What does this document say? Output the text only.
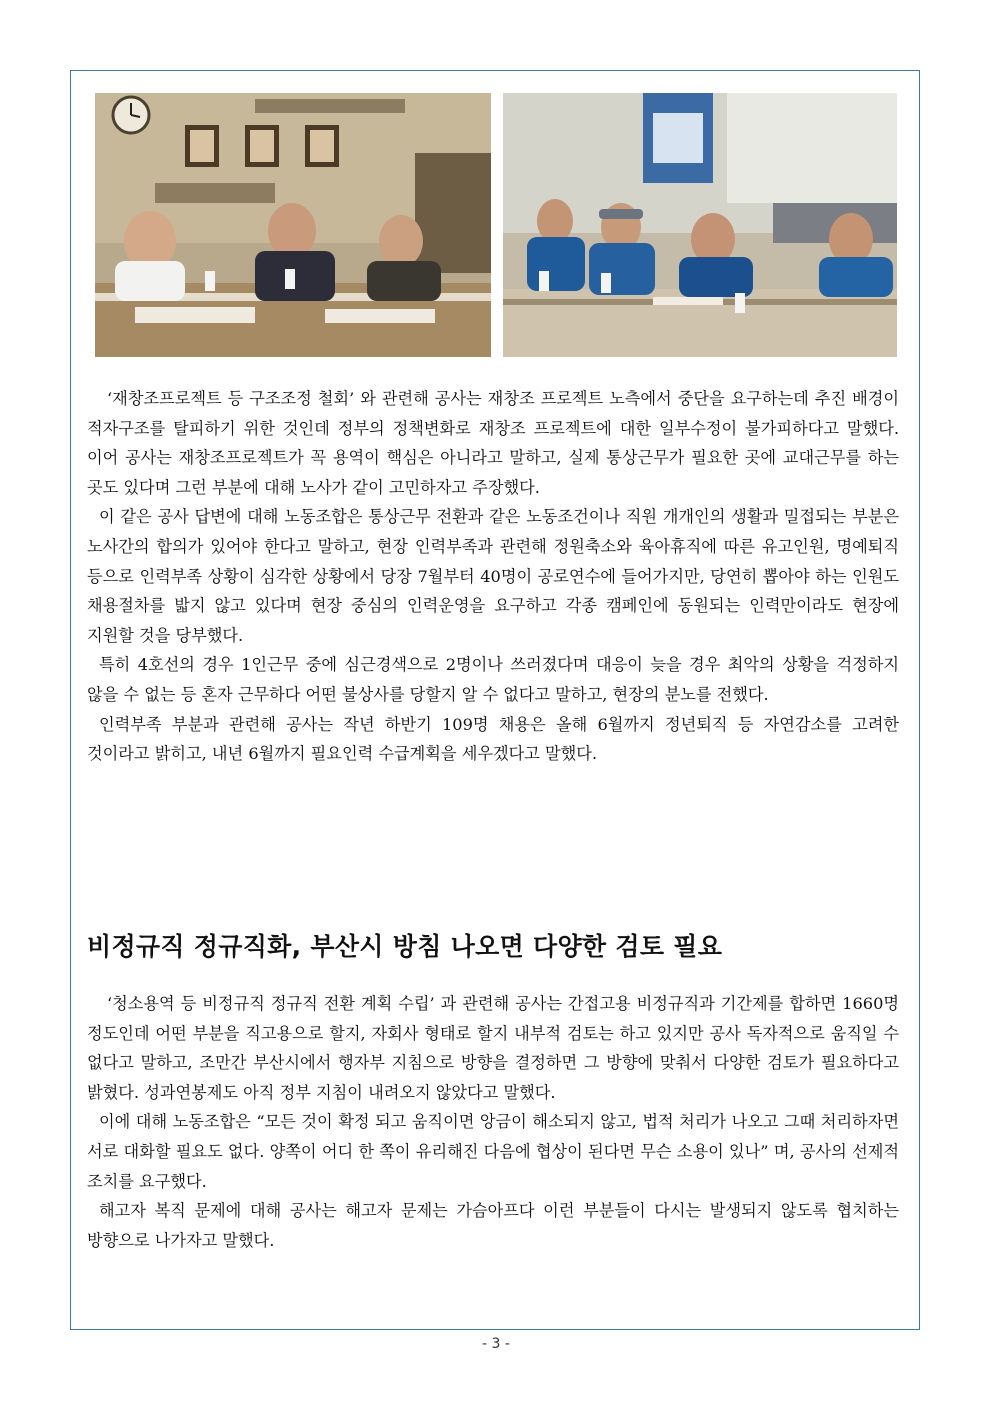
‘재창조프로젝트 등 구조조정 철회’ 와 관련해 공사는 재창조 프로젝트 노측에서 중단을 요구하는데 추진 배경이 적자구조를 탈피하기 위한 것인데 정부의 정책변화로 재창조 프로젝트에 대한 일부수정이 불가피하다고 말했다. 이어 공사는 재창조프로젝트가 꼭 용역이 핵심은 아니라고 말하고, 실제 통상근무가 필요한 곳에 교대근무를 하는 곳도 있다며 그런 부분에 대해 노사가 같이 고민하자고 주장했다.

이 같은 공사 답변에 대해 노동조합은 통상근무 전환과 같은 노동조건이나 직원 개개인의 생활과 밀접되는 부분은 노사간의 합의가 있어야 한다고 말하고, 현장 인력부족과 관련해 정원축소와 육아휴직에 따른 유고인원, 명예퇴직 등으로 인력부족 상황이 심각한 상황에서 당장 7월부터 40명이 공로연수에 들어가지만, 당연히 뽑아야 하는 인원도 채용절차를 밟지 않고 있다며 현장 중심의 인력운영을 요구하고 각종 캠페인에 동원되는 인력만이라도 현장에 지원할 것을 당부했다.

특히 4호선의 경우 1인근무 중에 심근경색으로 2명이나 쓰러졌다며 대응이 늦을 경우 최악의 상황을 걱정하지 않을 수 없는 등 혼자 근무하다 어떤 불상사를 당할지 알 수 없다고 말하고, 현장의 분노를 전했다.

인력부족 부분과 관련해 공사는 작년 하반기 109명 채용은 올해 6월까지 정년퇴직 등 자연감소를 고려한 것이라고 밝히고, 내년 6월까지 필요인력 수급계획을 세우겠다고 말했다.

비정규직 정규직화, 부산시 방침 나오면 다양한 검토 필요

‘청소용역 등 비정규직 정규직 전환 계획 수립’ 과 관련해 공사는 간접고용 비정규직과 기간제를 합하면 1660명 정도인데 어떤 부분을 직고용으로 할지, 자회사 형태로 할지 내부적 검토는 하고 있지만 공사 독자적으로 움직일 수 없다고 말하고, 조만간 부산시에서 행자부 지침으로 방향을 결정하면 그 방향에 맞춰서 다양한 검토가 필요하다고 밝혔다. 성과연봉제도 아직 정부 지침이 내려오지 않았다고 말했다.

이에 대해 노동조합은 “모든 것이 확정 되고 움직이면 앙금이 해소되지 않고, 법적 처리가 나오고 그때 처리하자면 서로 대화할 필요도 없다. 양쪽이 어디 한 쪽이 유리해진 다음에 협상이 된다면 무슨 소용이 있나” 며, 공사의 선제적 조치를 요구했다.

해고자 복직 문제에 대해 공사는 해고자 문제는 가슴아프다 이런 부분들이 다시는 발생되지 않도록 협치하는 방향으로 나가자고 말했다.

- 3 -
